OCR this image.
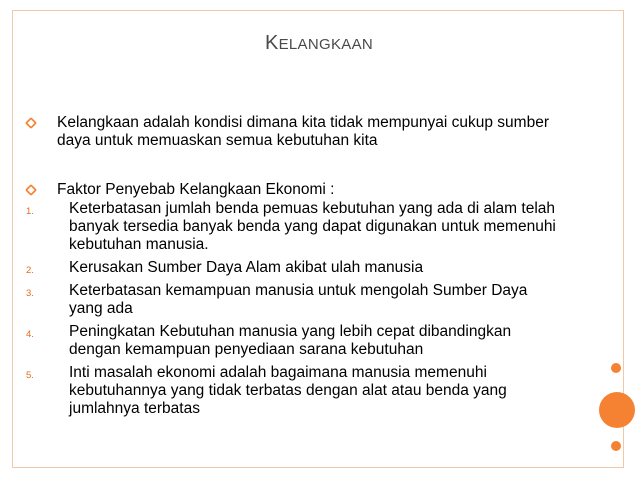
KELANGKAAN
Kelangkaan adalah kondisi dimana kita tidak mempunyai cukup sumber daya untuk memuaskan semua kebutuhan kita
Faktor Penyebab Kelangkaan Ekonomi :
1. Keterbatasan jumlah benda pemuas kebutuhan yang ada di alam telah banyak tersedia banyak benda yang dapat digunakan untuk memenuhi kebutuhan manusia.
2. Kerusakan Sumber Daya Alam akibat ulah manusia
3. Keterbatasan kemampuan manusia untuk mengolah Sumber Daya yang ada
4. Peningkatan Kebutuhan manusia yang lebih cepat dibandingkan dengan kemampuan penyediaan sarana kebutuhan
5. Inti masalah ekonomi adalah bagaimana manusia memenuhi kebutuhannya yang tidak terbatas dengan alat atau benda yang jumlahnya terbatas
